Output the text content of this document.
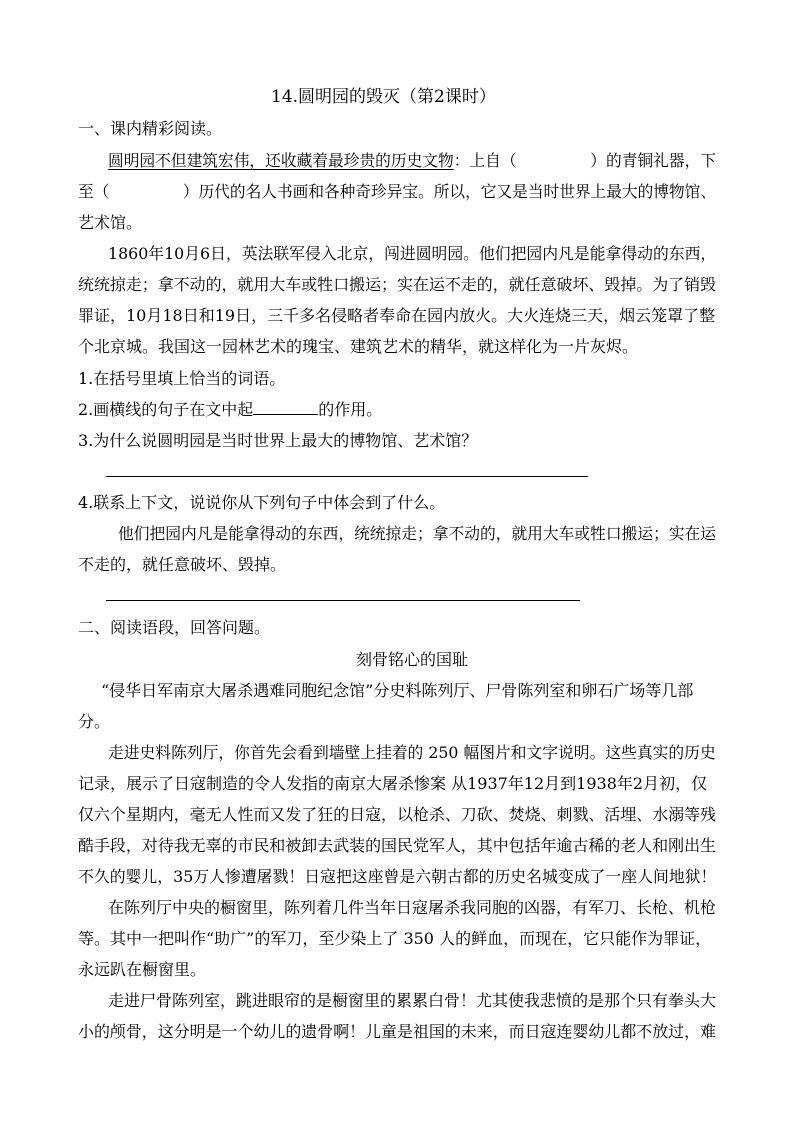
14.圆明园的毁灭（第2课时）
一、课内精彩阅读。
圆明园不但建筑宏伟，还收藏着最珍贵的历史文物：上自（	）的青铜礼器，下
至（	）历代的名人书画和各种奇珍异宝。所以，它又是当时世界上最大的博物馆、
艺术馆。
1860年10月6日，英法联军侵入北京，闯进圆明园。他们把园内凡是能拿得动的东西，
统统掠走；拿不动的，就用大车或牲口搬运；实在运不走的，就任意破坏、毁掉。为了销毁
罪证，10月18日和19日，三千多名侵略者奉命在园内放火。大火连烧三天，烟云笼罩了整
个北京城。我国这一园林艺术的瑰宝、建筑艺术的精华，就这样化为一片灰烬。
1.在括号里填上恰当的词语。
2.画横线的句子在文中起	的作用。
3.为什么说圆明园是当时世界上最大的博物馆、艺术馆？
4.联系上下文，说说你从下列句子中体会到了什么。
他们把园内凡是能拿得动的东西，统统掠走；拿不动的，就用大车或牲口搬运；实在运
不走的，就任意破坏、毁掉。
二、阅读语段，回答问题。
刻骨铭心的国耻
“侵华日军南京大屠杀遇难同胞纪念馆”分史料陈列厅、尸骨陈列室和卵石广场等几部
分。
走进史料陈列厅，你首先会看到墙壁上挂着的 250 幅图片和文字说明。这些真实的历史
记录，展示了日寇制造的令人发指的南京大屠杀惨案 从1937年12月到1938年2月初，仅
仅六个星期内，毫无人性而又发了狂的日寇，以枪杀、刀砍、焚烧、刺戮、活埋、水溺等残
酷手段，对待我无辜的市民和被卸去武装的国民党军人，其中包括年逾古稀的老人和刚出生
不久的婴儿，35万人惨遭屠戮！日寇把这座曾是六朝古都的历史名城变成了一座人间地狱！
在陈列厅中央的橱窗里，陈列着几件当年日寇屠杀我同胞的凶器，有军刀、长枪、机枪
等。其中一把叫作“助广”的军刀，至少染上了 350 人的鲜血，而现在，它只能作为罪证，
永远趴在橱窗里。
走进尸骨陈列室，跳进眼帘的是橱窗里的累累白骨！尤其使我悲愤的是那个只有拳头大
小的颅骨，这分明是一个幼儿的遗骨啊！儿童是祖国的未来，而日寇连婴幼儿都不放过，难
